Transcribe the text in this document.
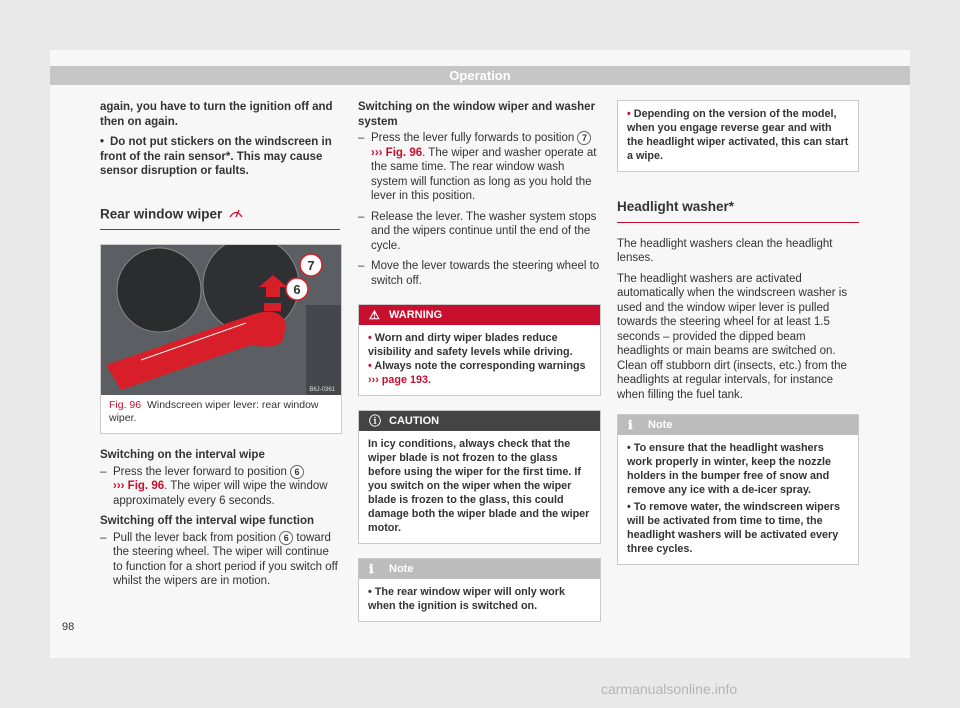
Operation

again, you have to turn the ignition off and then on again.

• Do not put stickers on the windscreen in front of the rain sensor*. This may cause sensor disruption or faults.

Rear window wiper
7
6
B6J-0361
Fig. 96 Windscreen wiper lever: rear window wiper.
Switching on the interval wipe
– Press the lever forward to position 6
››› Fig. 96. The wiper will wipe the window approximately every 6 seconds.
Switching off the interval wipe function
– Pull the lever back from position 6 toward the steering wheel. The wiper will continue to function for a short period if you switch off whilst the wipers are in motion.
Switching on the window wiper and washer system
– Press the lever fully forwards to position 7
››› Fig. 96. The wiper and washer operate at the same time. The rear window wash system will function as long as you hold the lever in this position.
– Release the lever. The washer system stops and the wipers continue until the end of the cycle.
– Move the lever towards the steering wheel to switch off.
⚠ WARNING
• Worn and dirty wiper blades reduce visibility and safety levels while driving.
• Always note the corresponding warnings
››› page 193.
ⓘ CAUTION
In icy conditions, always check that the wiper blade is not frozen to the glass before using the wiper for the first time. If you switch on the wiper when the wiper blade is frozen to the glass, this could damage both the wiper blade and the wiper motor.
ℹ Note
• The rear window wiper will only work when the ignition is switched on.
• Depending on the version of the model, when you engage reverse gear and with the headlight wiper activated, this can start a wipe.
Headlight washer*

The headlight washers clean the headlight lenses.

The headlight washers are activated automatically when the windscreen washer is used and the window wiper lever is pulled towards the steering wheel for at least 1.5 seconds – provided the dipped beam headlights or main beams are switched on. Clean off stubborn dirt (insects, etc.) from the headlights at regular intervals, for instance when filling the fuel tank.

ℹ Note
• To ensure that the headlight washers work properly in winter, keep the nozzle holders in the bumper free of snow and remove any ice with a de-icer spray.
• To remove water, the windscreen wipers will be activated from time to time, the headlight washers will be activated every three cycles.
98
carmanualsonline.info
